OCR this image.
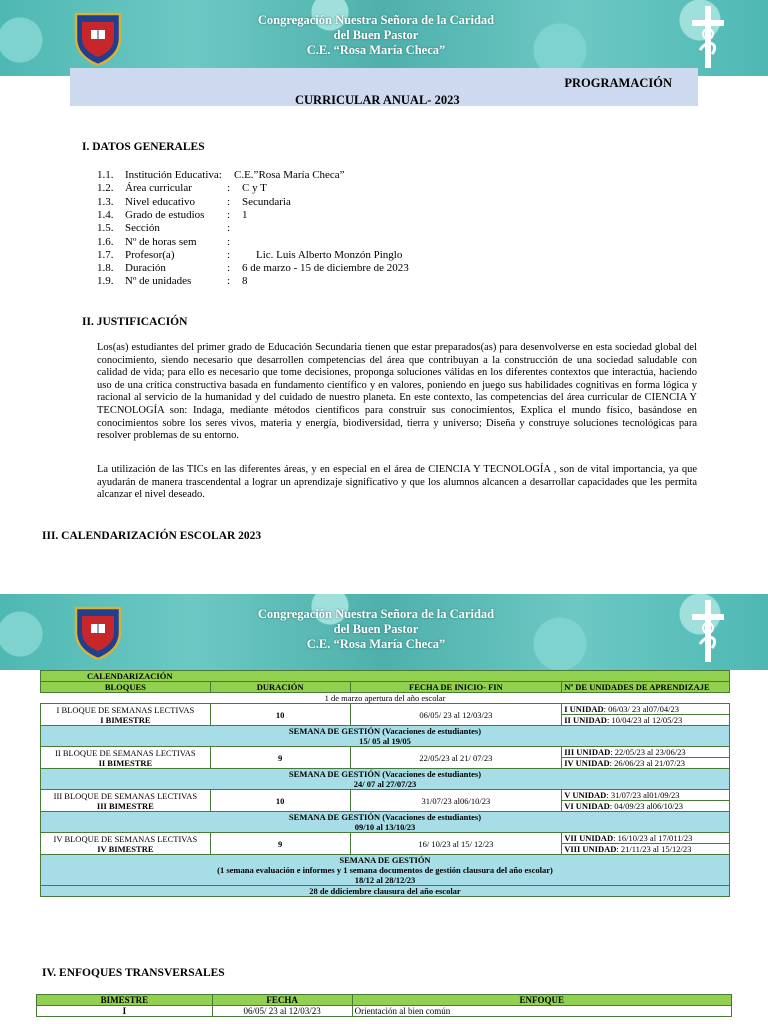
Congregación Nuestra Señora de la Caridad
del Buen Pastor
C.E. “Rosa María Checa”
PROGRAMACIÓN
CURRICULAR ANUAL- 2023
I. DATOS GENERALES
1.1. Institución Educativa: C.E.”Rosa María Checa”
1.2. Área curricular	: C y T
1.3. Nivel educativo	: Secundaria
1.4. Grado de estudios : 1
1.5. Sección	:
1.6. Nº de horas sem	:
1.7. Profesor(a)	: Lic. Luis Alberto Monzón Pinglo
1.8. Duración	: 6 de marzo - 15 de diciembre de 2023
1.9. Nº de unidades	: 8
II. JUSTIFICACIÓN
Los(as) estudiantes del primer grado de Educación Secundaria tienen que estar preparados(as) para desenvolverse en esta sociedad global del conocimiento, siendo necesario que desarrollen competencias del área que contribuyan a la construcción de una sociedad saludable con calidad de vida; para ello es necesario que tome decisiones, proponga soluciones válidas en los diferentes contextos que interactúa, haciendo uso de una crítica constructiva basada en fundamento científico y en valores, poniendo en juego sus habilidades cognitivas en forma lógica y racional al servicio de la humanidad y del cuidado de nuestro planeta. En este contexto, las competencias del área curricular de CIENCIA Y TECNOLOGÍA son: Indaga, mediante métodos científicos para construir sus conocimientos, Explica el mundo físico, basándose en conocimientos sobre los seres vivos, materia y energía, biodiversidad, tierra y universo; Diseña y construye soluciones tecnológicas para resolver problemas de su entorno.
La utilización de las TICs en las diferentes áreas, y en especial en el área de CIENCIA Y TECNOLOGÍA , son de vital importancia, ya que ayudarán de manera trascendental a lograr un aprendizaje significativo y que los alumnos alcancen a desarrollar capacidades que les permita alcanzar el nivel deseado.
III. CALENDARIZACIÓN ESCOLAR 2023
Congregación Nuestra Señora de la Caridad
del Buen Pastor
C.E. “Rosa María Checa”
CALENDARIZACIÓN			
BLOQUES	DURACIÓN	FECHA DE INICIO- FIN	Nº DE UNIDADES DE APRENDIZAJE
1 de marzo apertura del año escolar			

I BLOQUE DE SEMANAS LECTIVAS
I BIMESTRE	10	06/05/ 23 al 12/03/23	I UNIDAD: 06/03/ 23 al07/04/23
			II UNIDAD: 10/04/23 al 12/05/23

SEMANA DE GESTIÓN (Vacaciones de estudiantes)
15/ 05 al 19/05			

II BLOQUE DE SEMANAS LECTIVAS
II BIMESTRE	9	22/05/23 al 21/ 07/23	III UNIDAD: 22/05/23 al 23/06/23
			IV UNIDAD: 26/06/23 al 21/07/23

SEMANA DE GESTIÓN (Vacaciones de estudiantes)
24/ 07 al 27/07/23			

III BLOQUE DE SEMANAS LECTIVAS
III BIMESTRE	10	31/07/23 al06/10/23	V UNIDAD: 31/07/23 al01/09/23
			VI UNIDAD: 04/09/23 al06/10/23

SEMANA DE GESTIÓN (Vacaciones de estudiantes)
09/10 al 13/10/23			

IV BLOQUE DE SEMANAS LECTIVAS
IV BIMESTRE	9	16/ 10/23 al 15/ 12/23	VII UNIDAD: 16/10/23 al 17/011/23
			VIII UNIDAD: 21/11/23 al 15/12/23

SEMANA DE GESTIÓN
(1 semana evaluación e informes y 1 semana documentos de gestión clausura del año escolar)
18/12 al 28/12/23			

28 de ddiciembre clausura del año escolar			
IV. ENFOQUES TRANSVERSALES
BIMESTRE	FECHA	ENFOQUE
I	06/05/ 23 al 12/03/23	Orientación al bien común
